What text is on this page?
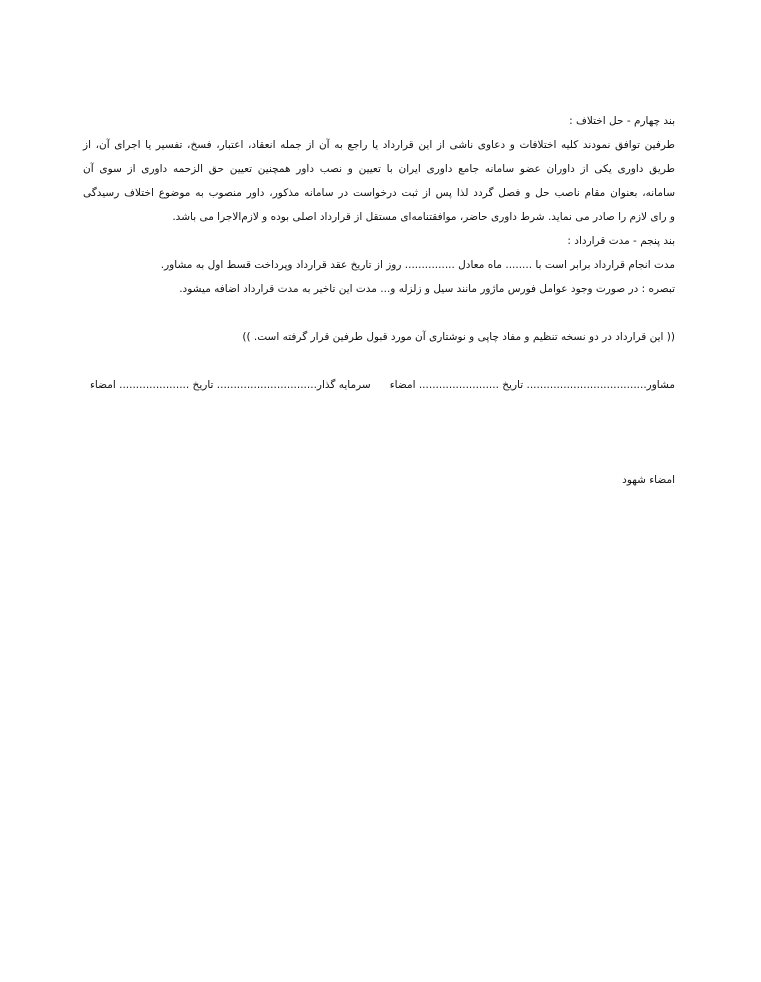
بند چهارم - حل اختلاف :
طرفین توافق نمودند کلیه اختلافات و دعاوی ناشی از این قرارداد یا راجع به آن از جمله انعقاد، اعتبار، فسخ، تفسیر یا اجرای آن، از
طریق داوری یکی از داوران عضو سامانه جامع داوری ایران با تعیین و نصب داور همچنین تعیین حق الزحمه داوری از سوی آن
سامانه، بعنوان مقام ناصب حل و فصل گردد لذا پس از ثبت درخواست در سامانه مذکور، داور منصوب به موضوع اختلاف رسیدگی
و رای لازم را صادر می نماید. شرط داوری حاضر، موافقتنامه‌ای مستقل از قرارداد اصلی بوده و لازم‌الاجرا می باشد.
بند پنجم - مدت قرارداد :
مدت انجام قرارداد برابر است با ........ ماه معادل ............... روز از تاریخ عقد قرارداد وپرداخت قسط اول به مشاور.
تبصره : در صورت وجود عوامل فورس ماژور مانند سیل و زلزله و... مدت این تاخیر به مدت قرارداد اضافه میشود.
(( این قرارداد در دو نسخه تنظیم و مفاد چاپی و نوشتاری آن مورد قبول طرفین قرار گرفته است. ))
مشاور.................................... تاریخ ........................ امضاء
سرمایه گذار.............................. تاریخ ..................... امضاء
امضاء شهود
